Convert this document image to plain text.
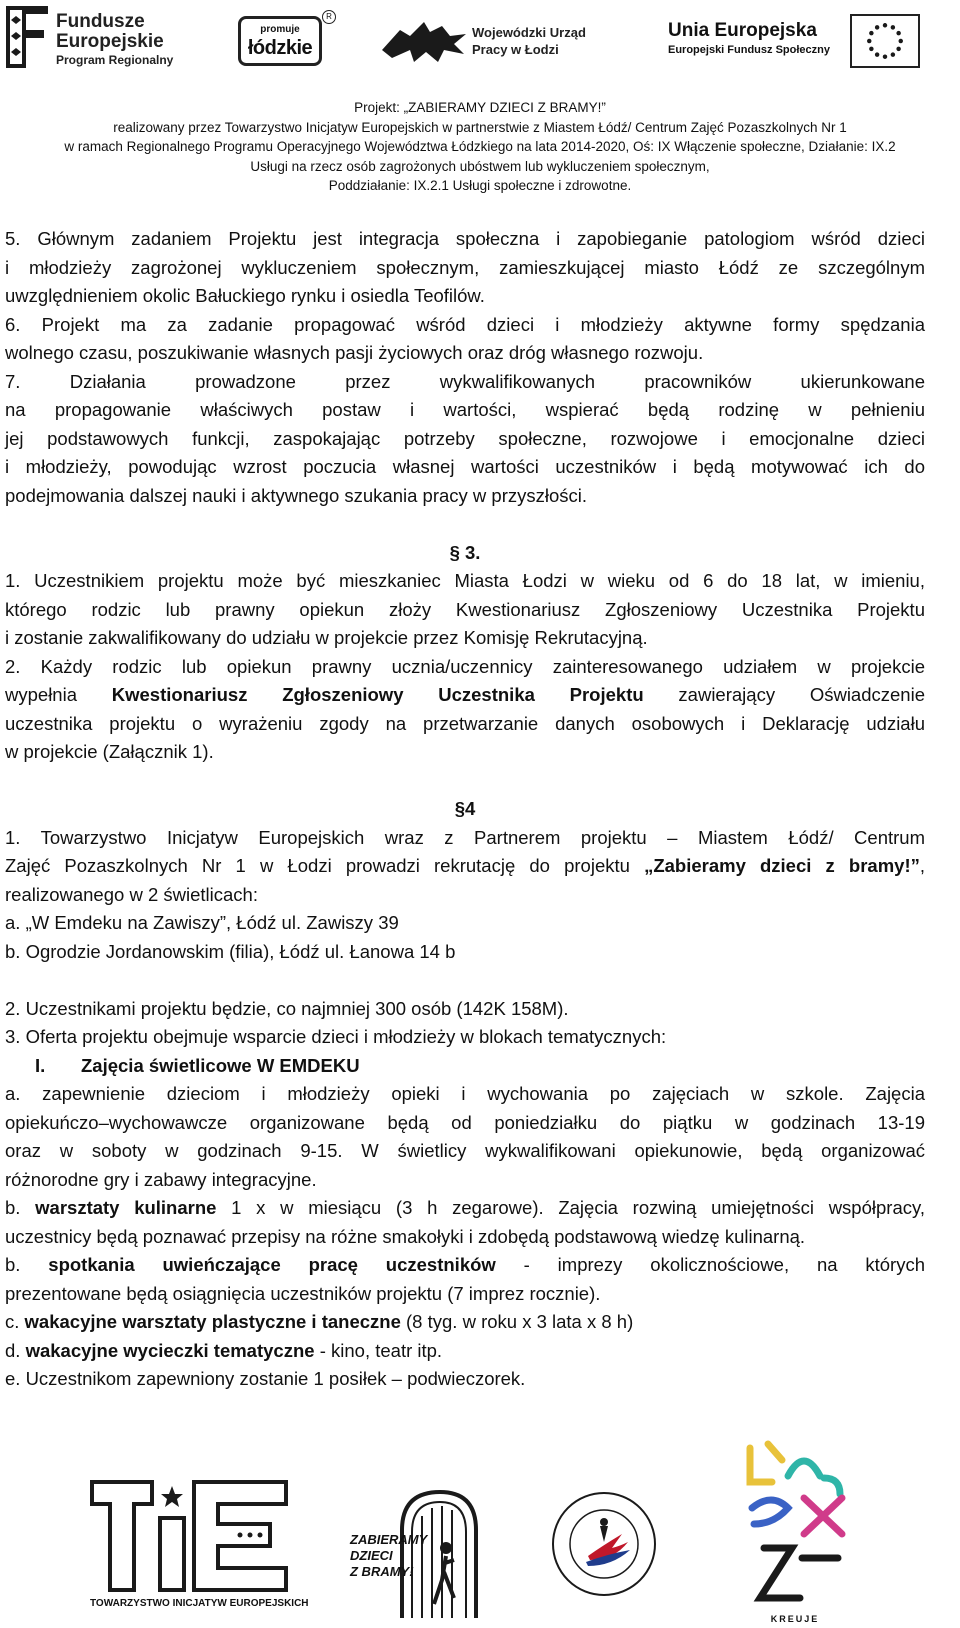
Fundusze
Europejskie
Program Regionalny
promuje
łódzkie
R
Wojewódzki Urząd
Pracy w Łodzi
Unia Europejska
Europejski Fundusz Społeczny
Projekt: „ZABIERAMY DZIECI Z BRAMY!”
realizowany przez Towarzystwo Inicjatyw Europejskich w partnerstwie z Miastem Łódź/ Centrum Zajęć Pozaszkolnych Nr 1
w ramach Regionalnego Programu Operacyjnego Województwa Łódzkiego na lata 2014-2020, Oś: IX Włączenie społeczne, Działanie: IX.2
Usługi na rzecz osób zagrożonych ubóstwem lub wykluczeniem społecznym,
Poddziałanie: IX.2.1 Usługi społeczne i zdrowotne.
5. Głównym zadaniem Projektu jest integracja społeczna i zapobieganie patologiom wśród dzieci
i młodzieży zagrożonej wykluczeniem społecznym, zamieszkującej miasto Łódź ze szczególnym
uwzględnieniem okolic Bałuckiego rynku i osiedla Teofilów.
6. Projekt ma za zadanie propagować wśród dzieci i młodzieży aktywne formy spędzania
wolnego czasu, poszukiwanie własnych pasji życiowych oraz dróg własnego rozwoju.
7. Działania prowadzone przez wykwalifikowanych pracowników ukierunkowane
na propagowanie właściwych postaw i wartości, wspierać będą rodzinę w pełnieniu
jej podstawowych funkcji, zaspokajając potrzeby społeczne, rozwojowe i emocjonalne dzieci
i młodzieży, powodując wzrost poczucia własnej wartości uczestników i będą motywować ich do
podejmowania dalszej nauki i aktywnego szukania pracy w przyszłości.
§ 3.
1. Uczestnikiem projektu może być mieszkaniec Miasta Łodzi w wieku od 6 do 18 lat, w imieniu,
którego rodzic lub prawny opiekun złoży Kwestionariusz Zgłoszeniowy Uczestnika Projektu
i zostanie zakwalifikowany do udziału w projekcie przez Komisję Rekrutacyjną.
2. Każdy rodzic lub opiekun prawny ucznia/uczennicy zainteresowanego udziałem w projekcie
wypełnia Kwestionariusz Zgłoszeniowy Uczestnika Projektu zawierający Oświadczenie
uczestnika projektu o wyrażeniu zgody na przetwarzanie danych osobowych i Deklarację udziału
w projekcie (Załącznik 1).
§4
1. Towarzystwo Inicjatyw Europejskich wraz z Partnerem projektu – Miastem Łódź/ Centrum
Zajęć Pozaszkolnych Nr 1 w Łodzi prowadzi rekrutację do projektu „Zabieramy dzieci z bramy!”,
realizowanego w 2 świetlicach:
a. „W Emdeku na Zawiszy”, Łódź ul. Zawiszy 39
b. Ogrodzie Jordanowskim (filia), Łódź ul. Łanowa 14 b
2. Uczestnikami projektu będzie, co najmniej 300 osób (142K 158M).
3. Oferta projektu obejmuje wsparcie dzieci i młodzieży w blokach tematycznych:
I. Zajęcia świetlicowe W EMDEKU
a. zapewnienie dzieciom i młodzieży opieki i wychowania po zajęciach w szkole. Zajęcia
opiekuńczo–wychowawcze organizowane będą od poniedziałku do piątku w godzinach 13-19
oraz w soboty w godzinach 9-15. W świetlicy wykwalifikowani opiekunowie, będą organizować
różnorodne gry i zabawy integracyjne.
b. warsztaty kulinarne 1 x w miesiącu (3 h zegarowe). Zajęcia rozwiną umiejętności współpracy,
uczestnicy będą poznawać przepisy na różne smakołyki i zdobędą podstawową wiedzę kulinarną.
b. spotkania uwieńczające pracę uczestników - imprezy okolicznościowe, na których
prezentowane będą osiągnięcia uczestników projektu (7 imprez rocznie).
c. wakacyjne warsztaty plastyczne i taneczne (8 tyg. w roku x 3 lata x 8 h)
d. wakacyjne wycieczki tematyczne - kino, teatr itp.
e. Uczestnikom zapewniony zostanie 1 posiłek – podwieczorek.
TOWARZYSTWO INICJATYW EUROPEJSKICH
ZABIERAMY
DZIECI
Z BRAMY!
KREUJE
